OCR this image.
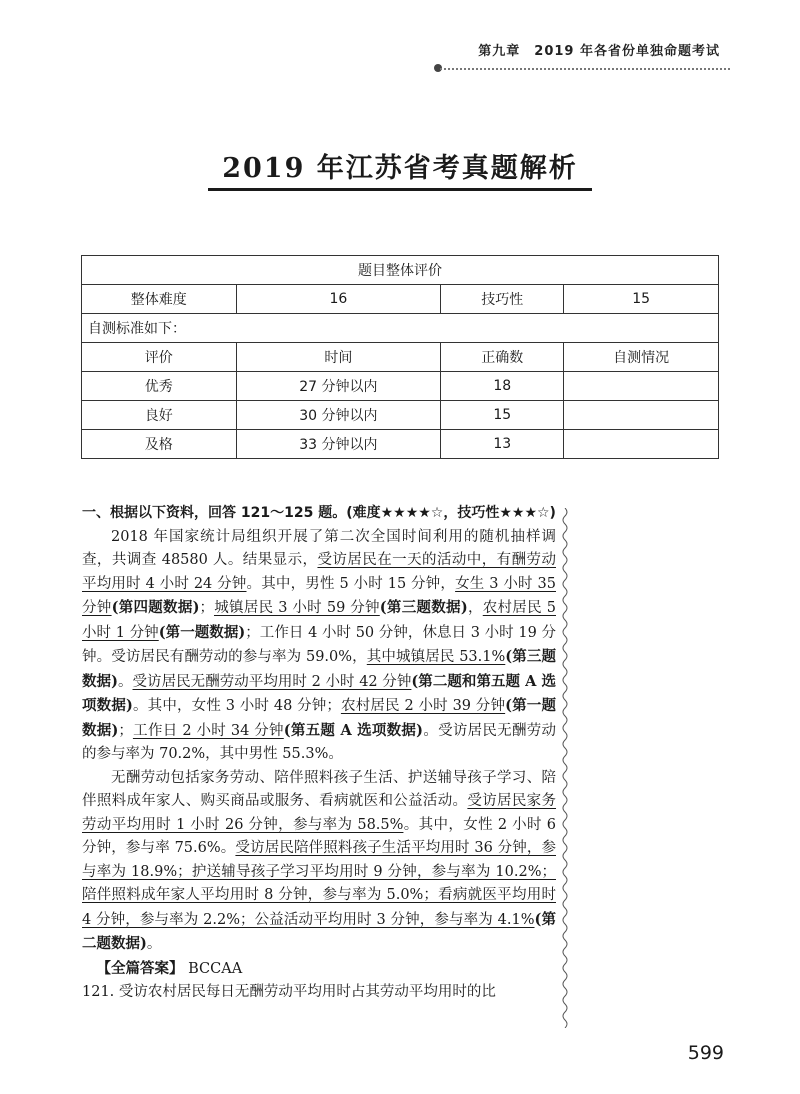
第九章　2019 年各省份单独命题考试
2019 年江苏省考真题解析
题目整体评价			
整体难度	16	技巧性	15
自测标准如下：			
评价	时间	正确数	自测情况
优秀	27 分钟以内	18	
良好	30 分钟以内	15	
及格	33 分钟以内	13	

一、根据以下资料，回答 121～125 题。(难度★★★★☆，技巧性★★★☆)

2018 年国家统计局组织开展了第二次全国时间利用的随机抽样调查，共调查 48580 人。结果显示，受访居民在一天的活动中，有酬劳动平均用时 4 小时 24 分钟。其中，男性 5 小时 15 分钟，女生 3 小时 35 分钟(第四题数据)；城镇居民 3 小时 59 分钟(第三题数据)，农村居民 5 小时 1 分钟(第一题数据)；工作日 4 小时 50 分钟，休息日 3 小时 19 分钟。受访居民有酬劳动的参与率为 59.0%，其中城镇居民 53.1%(第三题数据)。受访居民无酬劳动平均用时 2 小时 42 分钟(第二题和第五题 A 选项数据)。其中，女性 3 小时 48 分钟；农村居民 2 小时 39 分钟(第一题数据)；工作日 2 小时 34 分钟(第五题 A 选项数据)。受访居民无酬劳动的参与率为 70.2%，其中男性 55.3%。

无酬劳动包括家务劳动、陪伴照料孩子生活、护送辅导孩子学习、陪伴照料成年家人、购买商品或服务、看病就医和公益活动。受访居民家务劳动平均用时 1 小时 26 分钟，参与率为 58.5%。其中，女性 2 小时 6 分钟，参与率 75.6%。受访居民陪伴照料孩子生活平均用时 36 分钟，参与率为 18.9%；护送辅导孩子学习平均用时 9 分钟，参与率为 10.2%；陪伴照料成年家人平均用时 8 分钟，参与率为 5.0%；看病就医平均用时 4 分钟，参与率为 2.2%；公益活动平均用时 3 分钟，参与率为 4.1%(第二题数据)。

【全篇答案】 BCCAA

121. 受访农村居民每日无酬劳动平均用时占其劳动平均用时的比

599
